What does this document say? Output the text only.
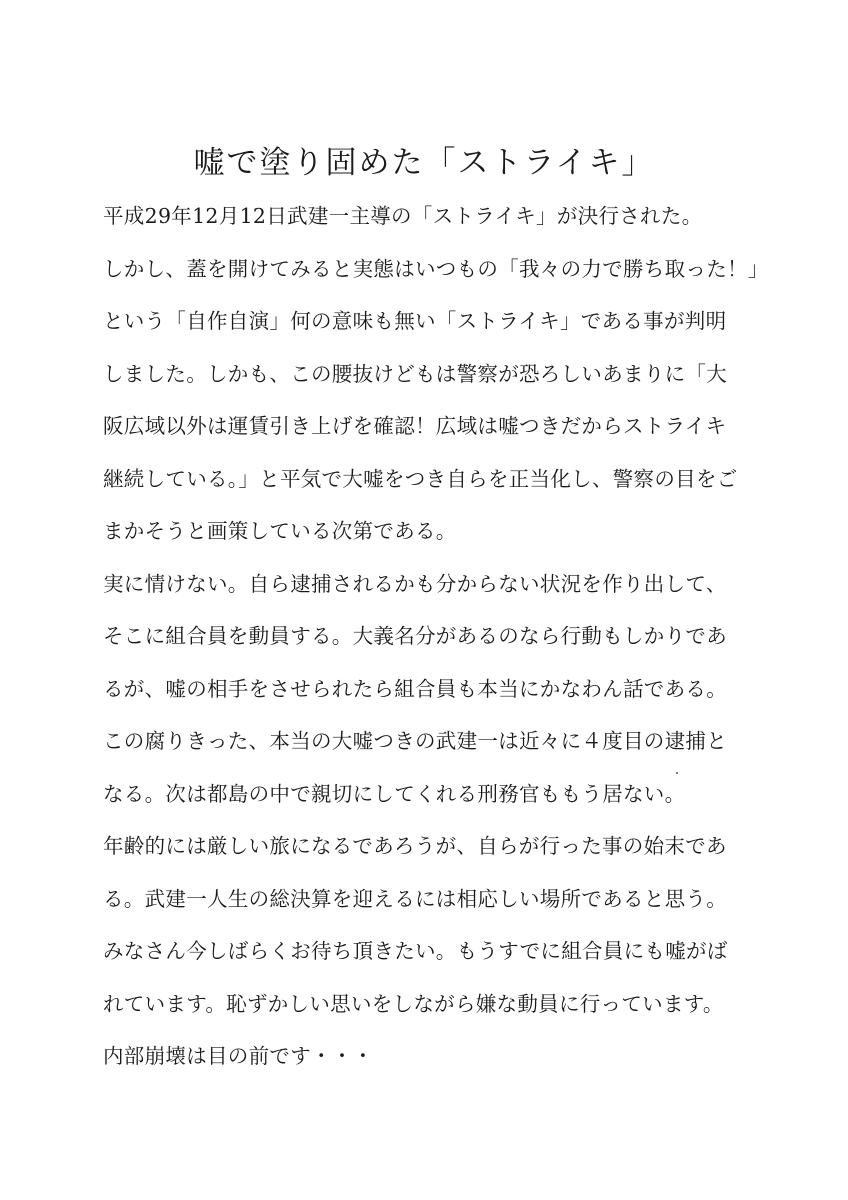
嘘で塗り固めた「ストライキ」
平成29年12月12日武建一主導の「ストライキ」が決行された。
しかし、蓋を開けてみると実態はいつもの「我々の力で勝ち取った！」
という「自作自演」何の意味も無い「ストライキ」である事が判明
しました。しかも、この腰抜けどもは警察が恐ろしいあまりに「大
阪広域以外は運賃引き上げを確認！広域は嘘つきだからストライキ
継続している。」と平気で大嘘をつき自らを正当化し、警察の目をご
まかそうと画策している次第である。
実に情けない。自ら逮捕されるかも分からない状況を作り出して、
そこに組合員を動員する。大義名分があるのなら行動もしかりであ
るが、嘘の相手をさせられたら組合員も本当にかなわん話である。
この腐りきった、本当の大嘘つきの武建一は近々に４度目の逮捕と
なる。次は都島の中で親切にしてくれる刑務官ももう居ない。
年齢的には厳しい旅になるであろうが、自らが行った事の始末であ
る。武建一人生の総決算を迎えるには相応しい場所であると思う。
みなさん今しばらくお待ち頂きたい。もうすでに組合員にも嘘がば
れています。恥ずかしい思いをしながら嫌な動員に行っています。
内部崩壊は目の前です・・・
